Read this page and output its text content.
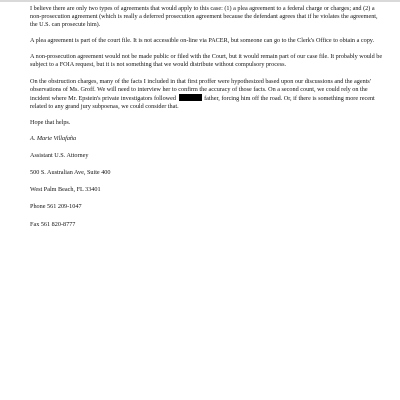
I believe there are only two types of agreements that would apply to this case: (1) a plea agreement to a federal charge or charges; and (2) a non-prosecution agreement (which is really a deferred prosecution agreement because the defendant agrees that if he violates the agreement, the U.S. can prosecute him).

A plea agreement is part of the court file. It is not accessible on-line via PACER, but someone can go to the Clerk's Office to obtain a copy.

A non-prosecution agreement would not be made public or filed with the Court, but it would remain part of our case file. It probably would be subject to a FOIA request, but it is not something that we would distribute without compulsory process.

On the obstruction charges, many of the facts I included in that first proffer were hypothesized based upon our discussions and the agents' observations of Ms. Groff. We will need to interview her to confirm the accuracy of those facts. On a second count, we could rely on the incident where Mr. Epstein's private investigators followed	father, forcing him off the road. Or, if there is something more recent related to any grand jury subpoenas, we could consider that.

Hope that helps.

A. Marie Villafaña

Assistant U.S. Attorney

500 S. Australian Ave, Suite 400

West Palm Beach, FL 33401

Phone 561 209-1047

Fax 561 820-8777
